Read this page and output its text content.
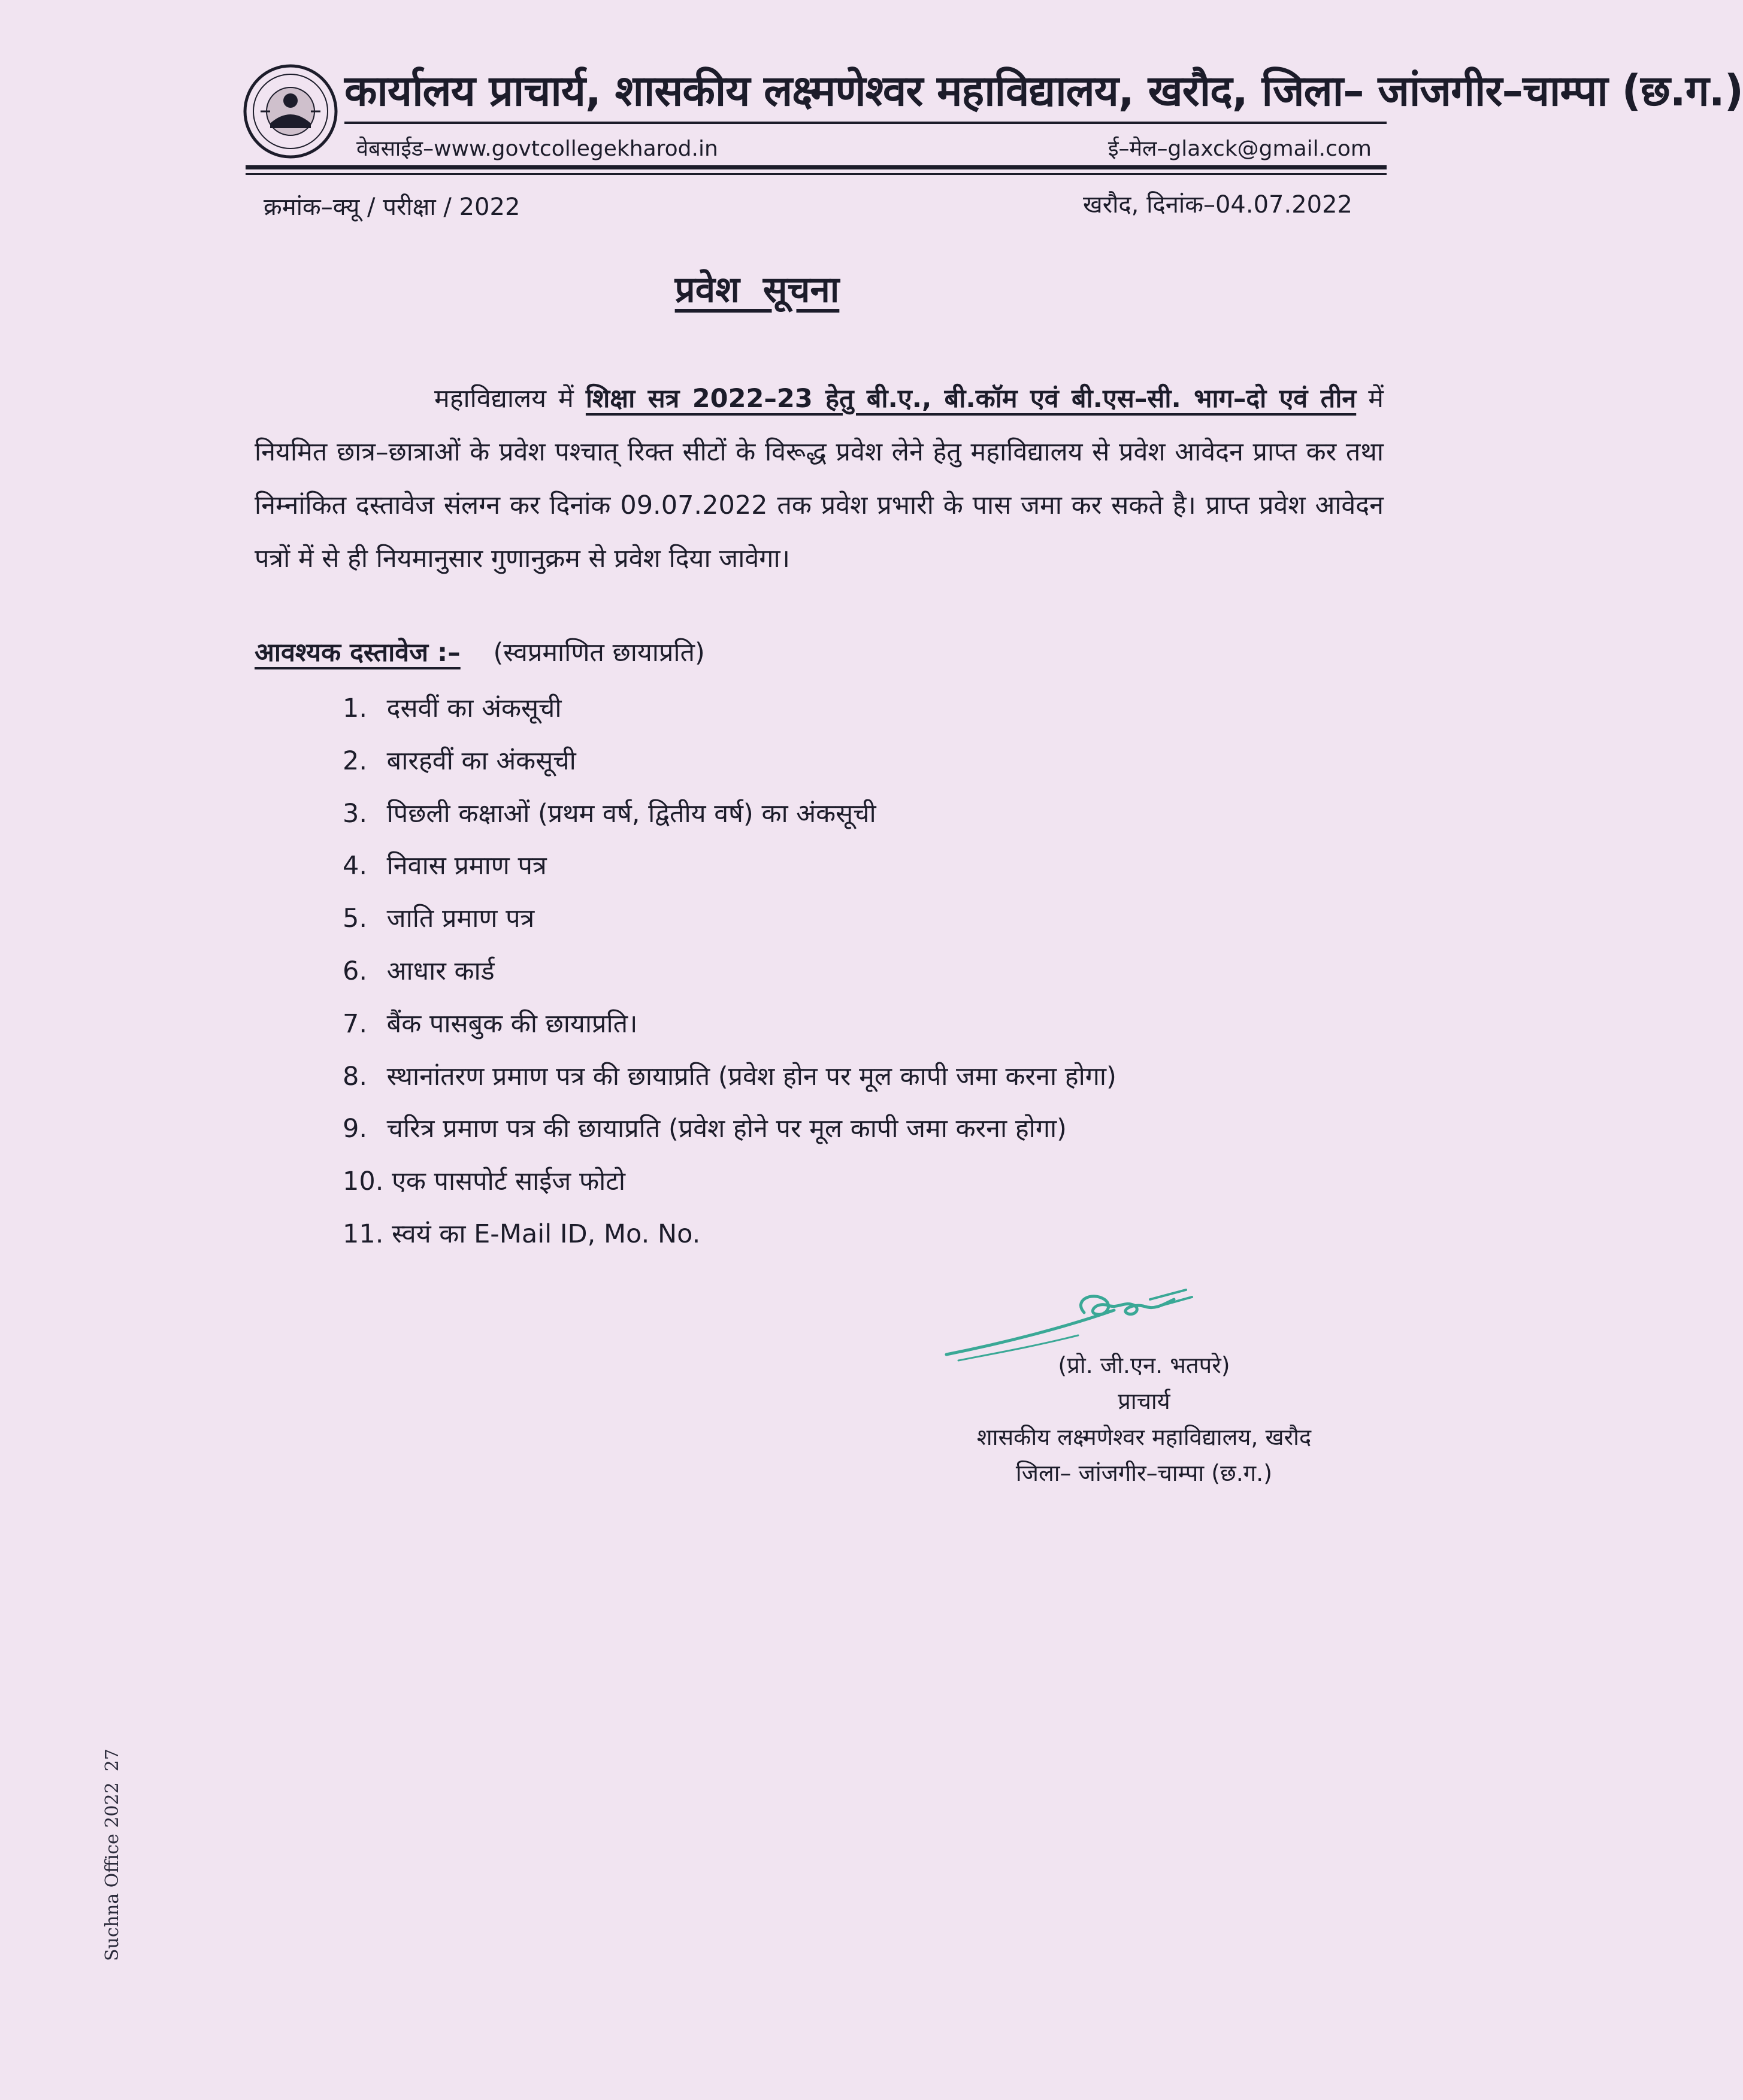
कार्यालय प्राचार्य, शासकीय लक्ष्मणेश्वर महाविद्यालय, खरौद, जिला– जांजगीर–चाम्पा (छ.ग.)
वेबसाईड–www.govtcollegekharod.in	ई–मेल–glaxck@gmail.com
क्रमांक–क्यू / परीक्षा / 2022	खरौद, दिनांक–04.07.2022
प्रवेश सूचना
महाविद्यालय में शिक्षा सत्र 2022–23 हेतु बी.ए., बी.कॉम एवं बी.एस–सी. भाग–दो एवं तीन में नियमित छात्र–छात्राओं के प्रवेश पश्चात् रिक्त सीटों के विरूद्ध प्रवेश लेने हेतु महाविद्यालय से प्रवेश आवेदन प्राप्त कर तथा निम्नांकित दस्तावेज संलग्न कर दिनांक 09.07.2022 तक प्रवेश प्रभारी के पास जमा कर सकते है। प्राप्त प्रवेश आवेदन पत्रों में से ही नियमानुसार गुणानुक्रम से प्रवेश दिया जावेगा।
आवश्यक दस्तावेज :– (स्वप्रमाणित छायाप्रति)
1. दसवीं का अंकसूची
2. बारहवीं का अंकसूची
3. पिछली कक्षाओं (प्रथम वर्ष, द्वितीय वर्ष) का अंकसूची
4. निवास प्रमाण पत्र
5. जाति प्रमाण पत्र
6. आधार कार्ड
7. बैंक पासबुक की छायाप्रति।
8. स्थानांतरण प्रमाण पत्र की छायाप्रति (प्रवेश होन पर मूल कापी जमा करना होगा)
9. चरित्र प्रमाण पत्र की छायाप्रति (प्रवेश होने पर मूल कापी जमा करना होगा)
10. एक पासपोर्ट साईज फोटो
11. स्वयं का E-Mail ID, Mo. No.
(प्रो. जी.एन. भतपरे)
प्राचार्य
शासकीय लक्ष्मणेश्वर महाविद्यालय, खरौद
जिला– जांजगीर–चाम्पा (छ.ग.)
Suchna Office 202227
